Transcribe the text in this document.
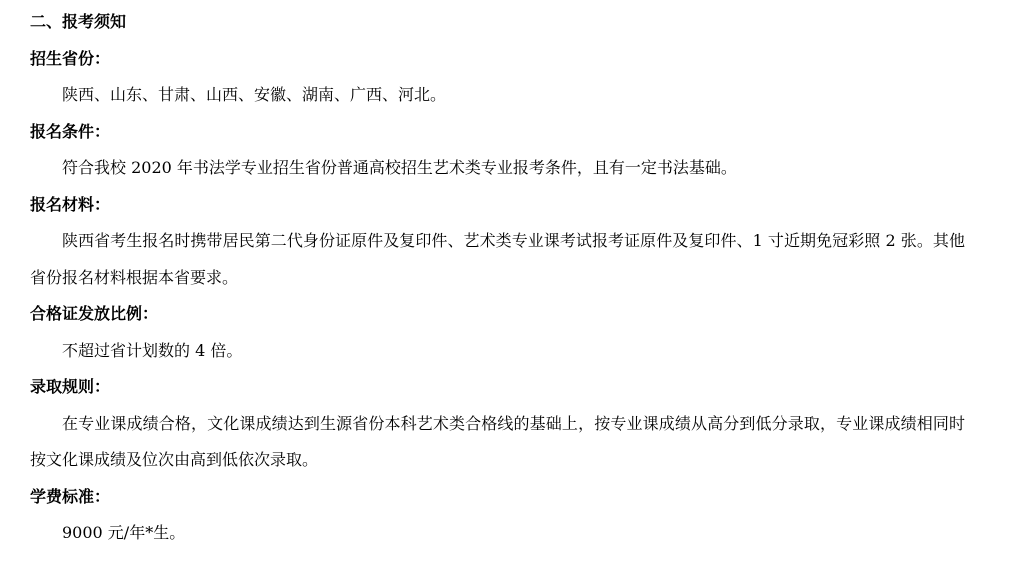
二、报考须知
招生省份：

陕西、山东、甘肃、山西、安徽、湖南、广西、河北。

报名条件：

符合我校 2020 年书法学专业招生省份普通高校招生艺术类专业报考条件，且有一定书法基础。

报名材料：

陕西省考生报名时携带居民第二代身份证原件及复印件、艺术类专业课考试报考证原件及复印件、1 寸近期免冠彩照 2 张。其他省份报名材料根据本省要求。

合格证发放比例：

不超过省计划数的 4 倍。

录取规则：

在专业课成绩合格，文化课成绩达到生源省份本科艺术类合格线的基础上，按专业课成绩从高分到低分录取，专业课成绩相同时按文化课成绩及位次由高到低依次录取。

学费标准：

9000 元/年*生。
